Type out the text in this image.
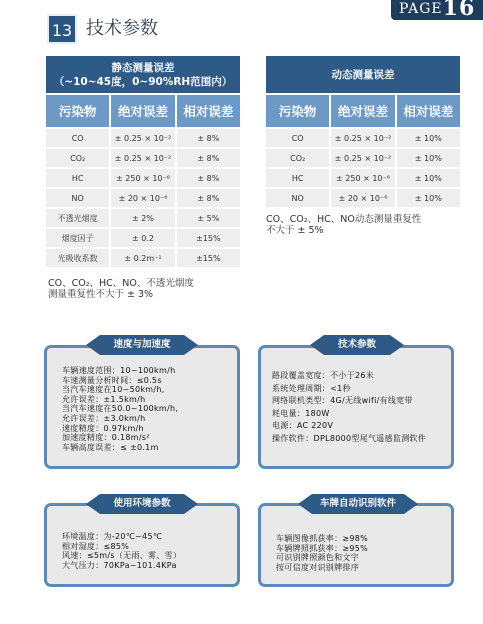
PAGE16
13 技术参数
静态测量误差
（~10~45度，0~90%RH范围内）		

污染物	绝对误差	相对误差
CO	± 0.25 × 10⁻²	± 8%
CO₂	± 0.25 × 10⁻²	± 8%
HC	± 250 × 10⁻⁶	± 8%
NO	± 20 × 10⁻⁶	± 8%
不透光烟度	± 2%	± 5%
烟度因子	± 0.2	±15%
光吸收系数	± 0.2m⁻¹	±15%
CO、CO₂、HC、NO、不透光烟度
测量重复性不大于 ± 3%
动态测量误差		
污染物	绝对误差	相对误差
CO	± 0.25 × 10⁻²	± 10%
CO₂	± 0.25 × 10⁻²	± 10%
HC	± 250 × 10⁻⁶	± 10%
NO	± 20 × 10⁻⁶	± 10%
CO、CO₂、HC、NO动态测量重复性
不大于 ± 5%
速度与加速度
车辆速度范围：10~100km/h
车速测量分析时间：≤0.5s
当汽车速度在10~50km/h,
允许误差：±1.5km/h
当汽车速度在50.0~100km/h,
允许误差：±3.0km/h
速度精度：0.97km/h
加速度精度：0.18m/s²
车辆高度误差：≤ ±0.1m
技术参数
路段覆盖宽度：不小于26米
系统处理周期：<1秒
网络联机类型：4G/无线wifi/有线宽带
耗电量：180W
电源：AC 220V
操作软件：DPL8000型尾气遥感监测软件
使用环境参数
环境温度：为-20℃~45℃
相对湿度：≤85%
风速：≤5m/s（无雨、雾、雪）
大气压力：70KPa~101.4KPa
车牌自动识别软件
车辆图像抓获率：≥98%
车辆牌照抓获率：≥95%
可识别牌照颜色和文字
按可信度对识别牌排序
